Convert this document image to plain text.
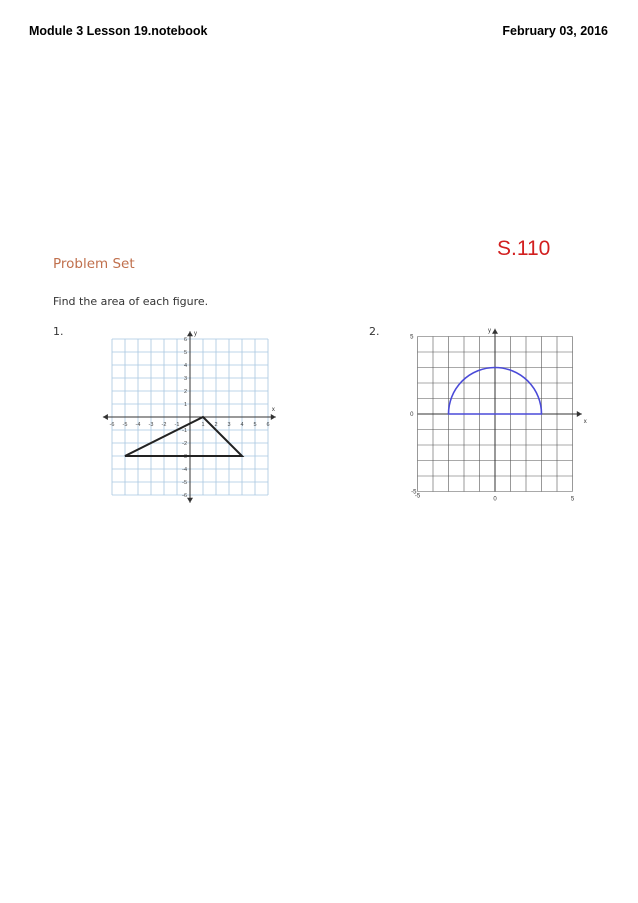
Module 3 Lesson 19.notebook	February 03, 2016
S.110
Problem Set
Find the area of each figure.
1.	2.
x
y
-6 -5 -4 -3 -2 -1	1 2 3 4 5 6
6
5
4
3
2
1
-1
-2
-3
-4
-5
-6
x
y
-5	0	5
5
0
-5
